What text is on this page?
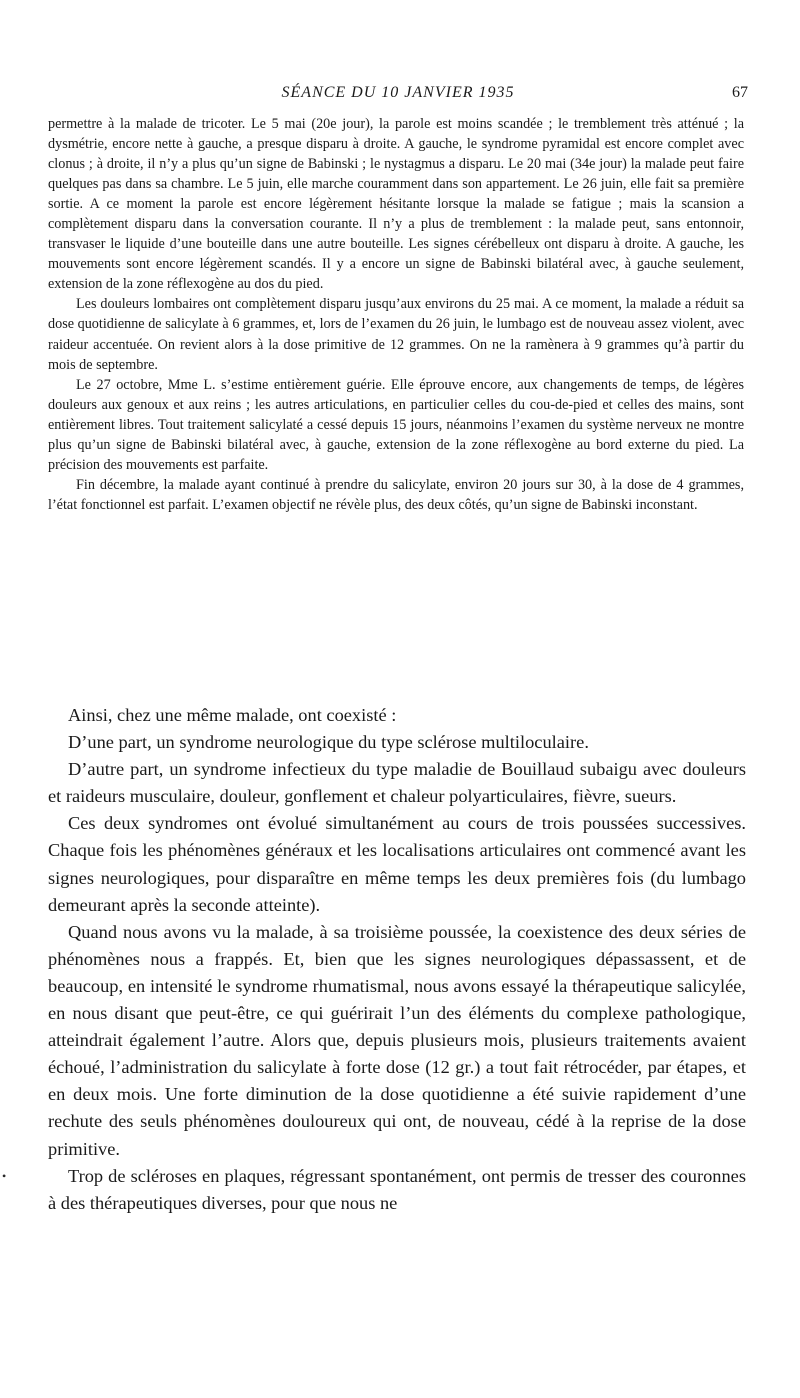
SÉANCE DU 10 JANVIER 1935	67

permettre à la malade de tricoter. Le 5 mai (20e jour), la parole est moins scandée ; le tremblement très atténué ; la dysmétrie, encore nette à gauche, a presque disparu à droite. A gauche, le syndrome pyramidal est encore complet avec clonus ; à droite, il n’y a plus qu’un signe de Babinski ; le nystagmus a disparu. Le 20 mai (34e jour) la malade peut faire quelques pas dans sa chambre. Le 5 juin, elle marche couramment dans son appartement. Le 26 juin, elle fait sa première sortie. A ce moment la parole est encore légèrement hésitante lorsque la malade se fatigue ; mais la scansion a complètement disparu dans la conversation courante. Il n’y a plus de tremblement : la malade peut, sans entonnoir, transvaser le liquide d’une bouteille dans une autre bouteille. Les signes cérébelleux ont disparu à droite. A gauche, les mouvements sont encore légèrement scandés. Il y a encore un signe de Babinski bilatéral avec, à gauche seulement, extension de la zone réflexogène au dos du pied.

Les douleurs lombaires ont complètement disparu jusqu’aux environs du 25 mai. A ce moment, la malade a réduit sa dose quotidienne de salicylate à 6 grammes, et, lors de l’examen du 26 juin, le lumbago est de nouveau assez violent, avec raideur accentuée. On revient alors à la dose primitive de 12 grammes. On ne la ramènera à 9 grammes qu’à partir du mois de septembre.

Le 27 octobre, Mme L. s’estime entièrement guérie. Elle éprouve encore, aux changements de temps, de légères douleurs aux genoux et aux reins ; les autres articulations, en particulier celles du cou-de-pied et celles des mains, sont entièrement libres. Tout traitement salicylaté a cessé depuis 15 jours, néanmoins l’examen du système nerveux ne montre plus qu’un signe de Babinski bilatéral avec, à gauche, extension de la zone réflexogène au bord externe du pied. La précision des mouvements est parfaite.

Fin décembre, la malade ayant continué à prendre du salicylate, environ 20 jours sur 30, à la dose de 4 grammes, l’état fonctionnel est parfait. L’examen objectif ne révèle plus, des deux côtés, qu’un signe de Babinski inconstant.

Ainsi, chez une même malade, ont coexisté :

D’une part, un syndrome neurologique du type sclérose multiloculaire.

D’autre part, un syndrome infectieux du type maladie de Bouillaud subaigu avec douleurs et raideurs musculaire, douleur, gonflement et chaleur polyarticulaires, fièvre, sueurs.

Ces deux syndromes ont évolué simultanément au cours de trois poussées successives. Chaque fois les phénomènes généraux et les localisations articulaires ont commencé avant les signes neurologiques, pour disparaître en même temps les deux premières fois (du lumbago demeurant après la seconde atteinte).

Quand nous avons vu la malade, à sa troisième poussée, la coexistence des deux séries de phénomènes nous a frappés. Et, bien que les signes neurologiques dépassassent, et de beaucoup, en intensité le syndrome rhumatismal, nous avons essayé la thérapeutique salicylée, en nous disant que peut-être, ce qui guérirait l’un des éléments du complexe pathologique, atteindrait également l’autre. Alors que, depuis plusieurs mois, plusieurs traitements avaient échoué, l’administration du salicylate à forte dose (12 gr.) a tout fait rétrocéder, par étapes, et en deux mois. Une forte diminution de la dose quotidienne a été suivie rapidement d’une rechute des seuls phénomènes douloureux qui ont, de nouveau, cédé à la reprise de la dose primitive.

Trop de scléroses en plaques, régressant spontanément, ont permis de tresser des couronnes à des thérapeutiques diverses, pour que nous ne

•
